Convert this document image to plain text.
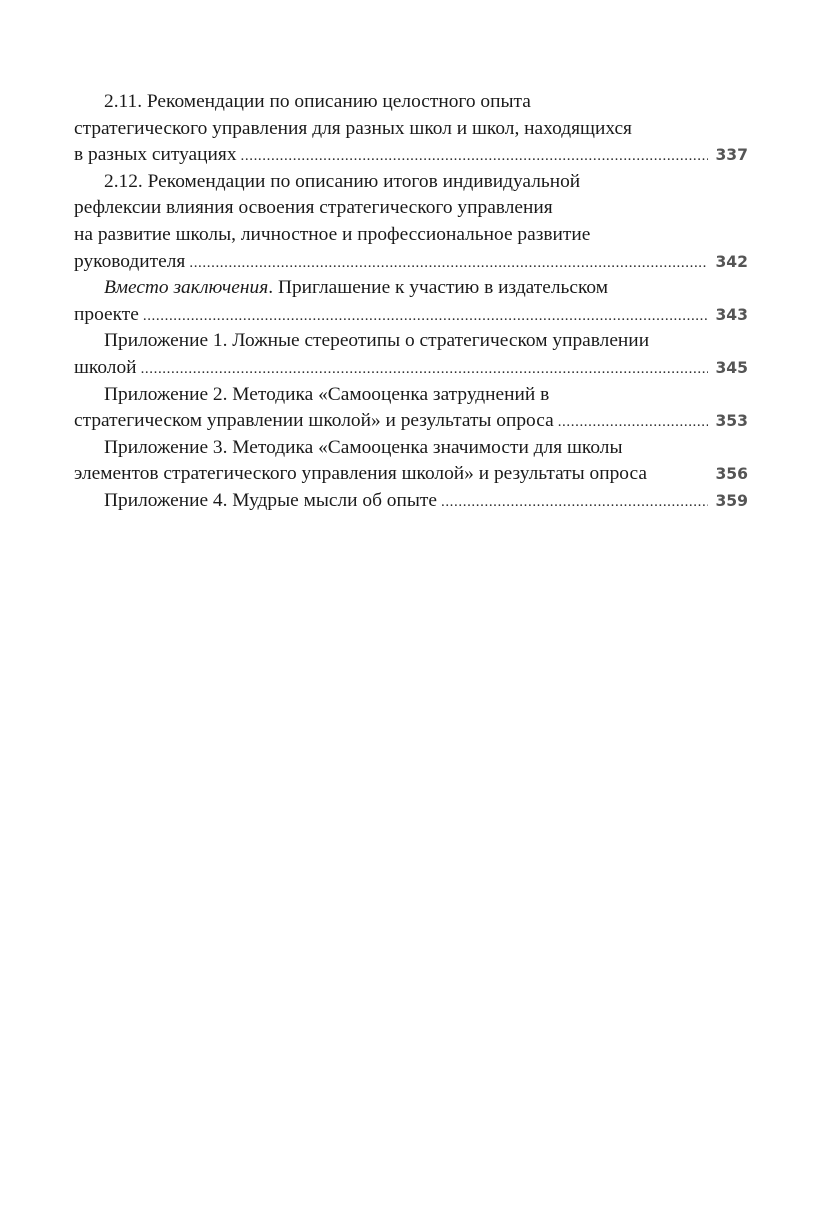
2.11. Рекомендации по описанию целостного опыта
стратегического управления для разных школ и школ, находящихся
в разных ситуациях .....	337
2.12. Рекомендации по описанию итогов индивидуальной
рефлексии влияния освоения стратегического управления
на развитие школы, личностное и профессиональное развитие
руководителя .....	342
Вместо заключения. Приглашение к участию в издательском
проекте .....	343
Приложение 1. Ложные стереотипы о стратегическом управлении
школой .....	345
Приложение 2. Методика «Самооценка затруднений в
стратегическом управлении школой» и результаты опроса .....	353
Приложение 3. Методика «Самооценка значимости для школы
элементов стратегического управления школой» и результаты опроса	356
Приложение 4. Мудрые мысли об опыте .....	359
